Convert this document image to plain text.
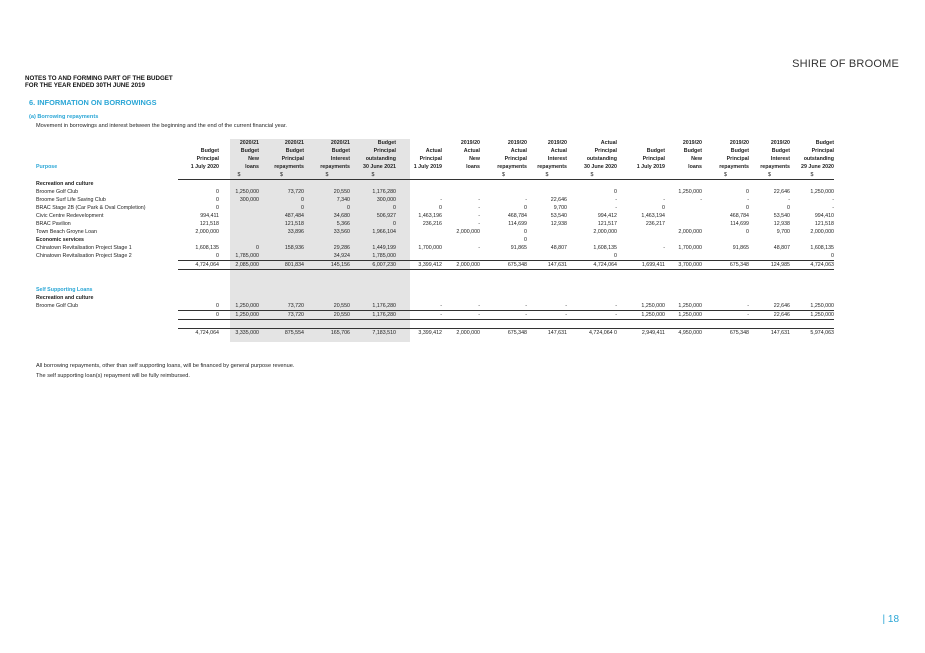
SHIRE OF BROOME
NOTES TO AND FORMING PART OF THE BUDGET
FOR THE YEAR ENDED 30TH JUNE 2019
6. INFORMATION ON BORROWINGS
(a) Borrowing repayments
Movement in borrowings and interest between the beginning and the end of the current financial year.
		2020/21	2020/21	2020/21	Budget		2019/20	2019/20	2019/20	Actual		2019/20	2019/20	2019/20	Budget
	Budget	Budget	Budget	Budget	Principal	Actual	Actual	Actual	Actual	Principal	Budget	Budget	Budget	Budget	Principal
	Principal	New	Principal	Interest	outstanding	Principal	New	Principal	Interest	outstanding	Principal	New	Principal	Interest	outstanding
Purpose	1 July 2020	loans	repayments	repayments	30 June 2021	1 July 2019	loans	repayments	repayments	30 June 2020	1 July 2019	loans	repayments	repayments	29 June 2020
		$	$	$	$			$	$	$			$	$	$
Recreation and culture															
Broome Golf Club	0	1,250,000	73,720	20,550	1,176,280					0		1,250,000	0	22,646	1,250,000
Broome Surf Life Saving Club	0	300,000	0	7,340	300,000	-	-	-	22,646	-	-	-	-	-	-
BRAC Stage 2B (Car Park & Oval Completion)	0		0	0	0	0	-	0	9,700	-	0		0	0	-
Civic Centre Redevelopment	994,411		487,484	34,680	506,927	1,463,196	-	468,784	53,540	994,412	1,463,194		468,784	53,540	994,410
BRAC Pavilion	121,518		121,518	5,366	0	236,216	-	114,699	12,938	121,517	236,217		114,699	12,938	121,518
Town Beach Groyne Loan	2,000,000		33,896	33,560	1,966,104		2,000,000	0		2,000,000		2,000,000	0	9,700	2,000,000
Economic services								0							
Chinatown Revitalisation Project Stage 1	1,608,135	0	158,936	29,286	1,449,199	1,700,000	-	91,865	48,807	1,608,135	-	1,700,000	91,865	48,807	1,608,135
Chinatown Revitalisation Project Stage 2	0	1,785,000		34,924	1,785,000					0					0
	4,724,064	2,085,000	801,834	145,156	6,007,230	3,399,412	2,000,000	675,348	147,631	4,724,064	1,699,411	3,700,000	675,348	124,985	4,724,063

Self Supporting Loans															
Recreation and culture															
Broome Golf Club	0	1,250,000	73,720	20,550	1,176,280	-	-	-	-	-	1,250,000	1,250,000	-	22,646	1,250,000
	0	1,250,000	73,720	20,550	1,176,280	-	-	-	-	-	1,250,000	1,250,000	-	22,646	1,250,000

	4,724,064	3,335,000	875,554	165,706	7,183,510	3,399,412	2,000,000	675,348	147,631	4,724,064 0	2,949,411	4,950,000	675,348	147,631	5,974,063
All borrowing repayments, other than self supporting loans, will be financed by general purpose revenue.
The self supporting loan(s) repayment will be fully reimbursed.
| 18
